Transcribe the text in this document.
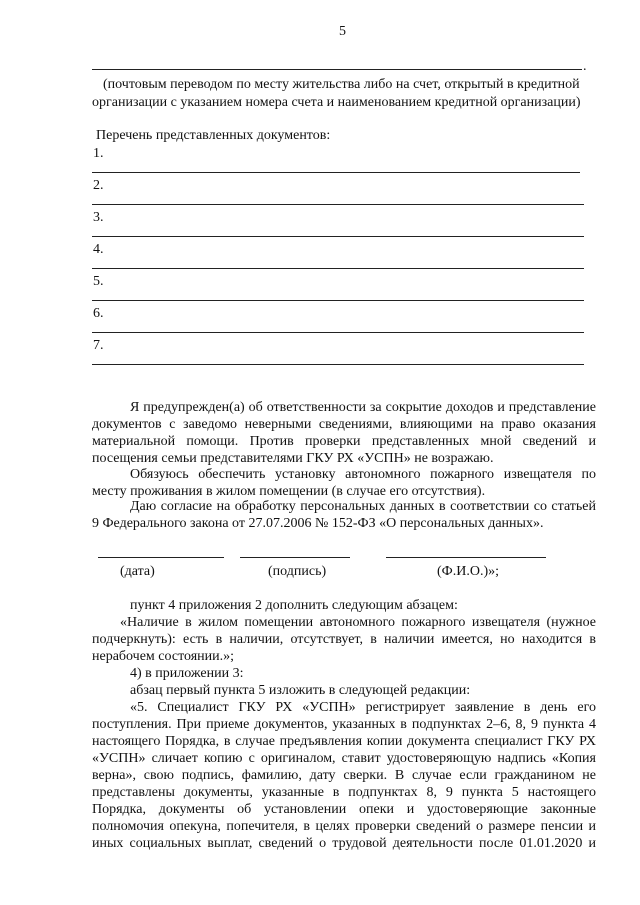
5
.
(почтовым переводом по месту жительства либо на счет, открытый в кредитной
организации с указанием номера счета и наименованием кредитной организации)
Перечень представленных документов:
1.
2.
3.
4.
5.
6.
7.
Я предупрежден(а) об ответственности за сокрытие доходов и представление
документов с заведомо неверными сведениями, влияющими на право оказания
материальной помощи. Против проверки представленных мной сведений и
посещения семьи представителями ГКУ РХ «УСПН» не возражаю.
Обязуюсь обеспечить установку автономного пожарного извещателя по
месту проживания в жилом помещении (в случае его отсутствия).
Даю согласие на обработку персональных данных в соответствии со статьей
9 Федерального закона от 27.07.2006 № 152-ФЗ «О персональных данных».
(дата)	(подпись)	(Ф.И.О.)»;
пункт 4 приложения 2 дополнить следующим абзацем:
«Наличие в жилом помещении автономного пожарного извещателя (нужное
подчеркнуть): есть в наличии, отсутствует, в наличии имеется, но находится в
нерабочем состоянии.»;
4) в приложении 3:
абзац первый пункта 5 изложить в следующей редакции:
«5. Специалист ГКУ РХ «УСПН» регистрирует заявление в день его
поступления. При приеме документов, указанных в подпунктах 2–6, 8, 9 пункта 4
настоящего Порядка, в случае предъявления копии документа специалист ГКУ РХ
«УСПН» сличает копию с оригиналом, ставит удостоверяющую надпись «Копия
верна», свою подпись, фамилию, дату сверки. В случае если гражданином не
представлены документы, указанные в подпунктах 8, 9 пункта 5 настоящего
Порядка, документы об установлении опеки и удостоверяющие законные
полномочия опекуна, попечителя, в целях проверки сведений о размере пенсии и
иных социальных выплат, сведений о трудовой деятельности после 01.01.2020 и
